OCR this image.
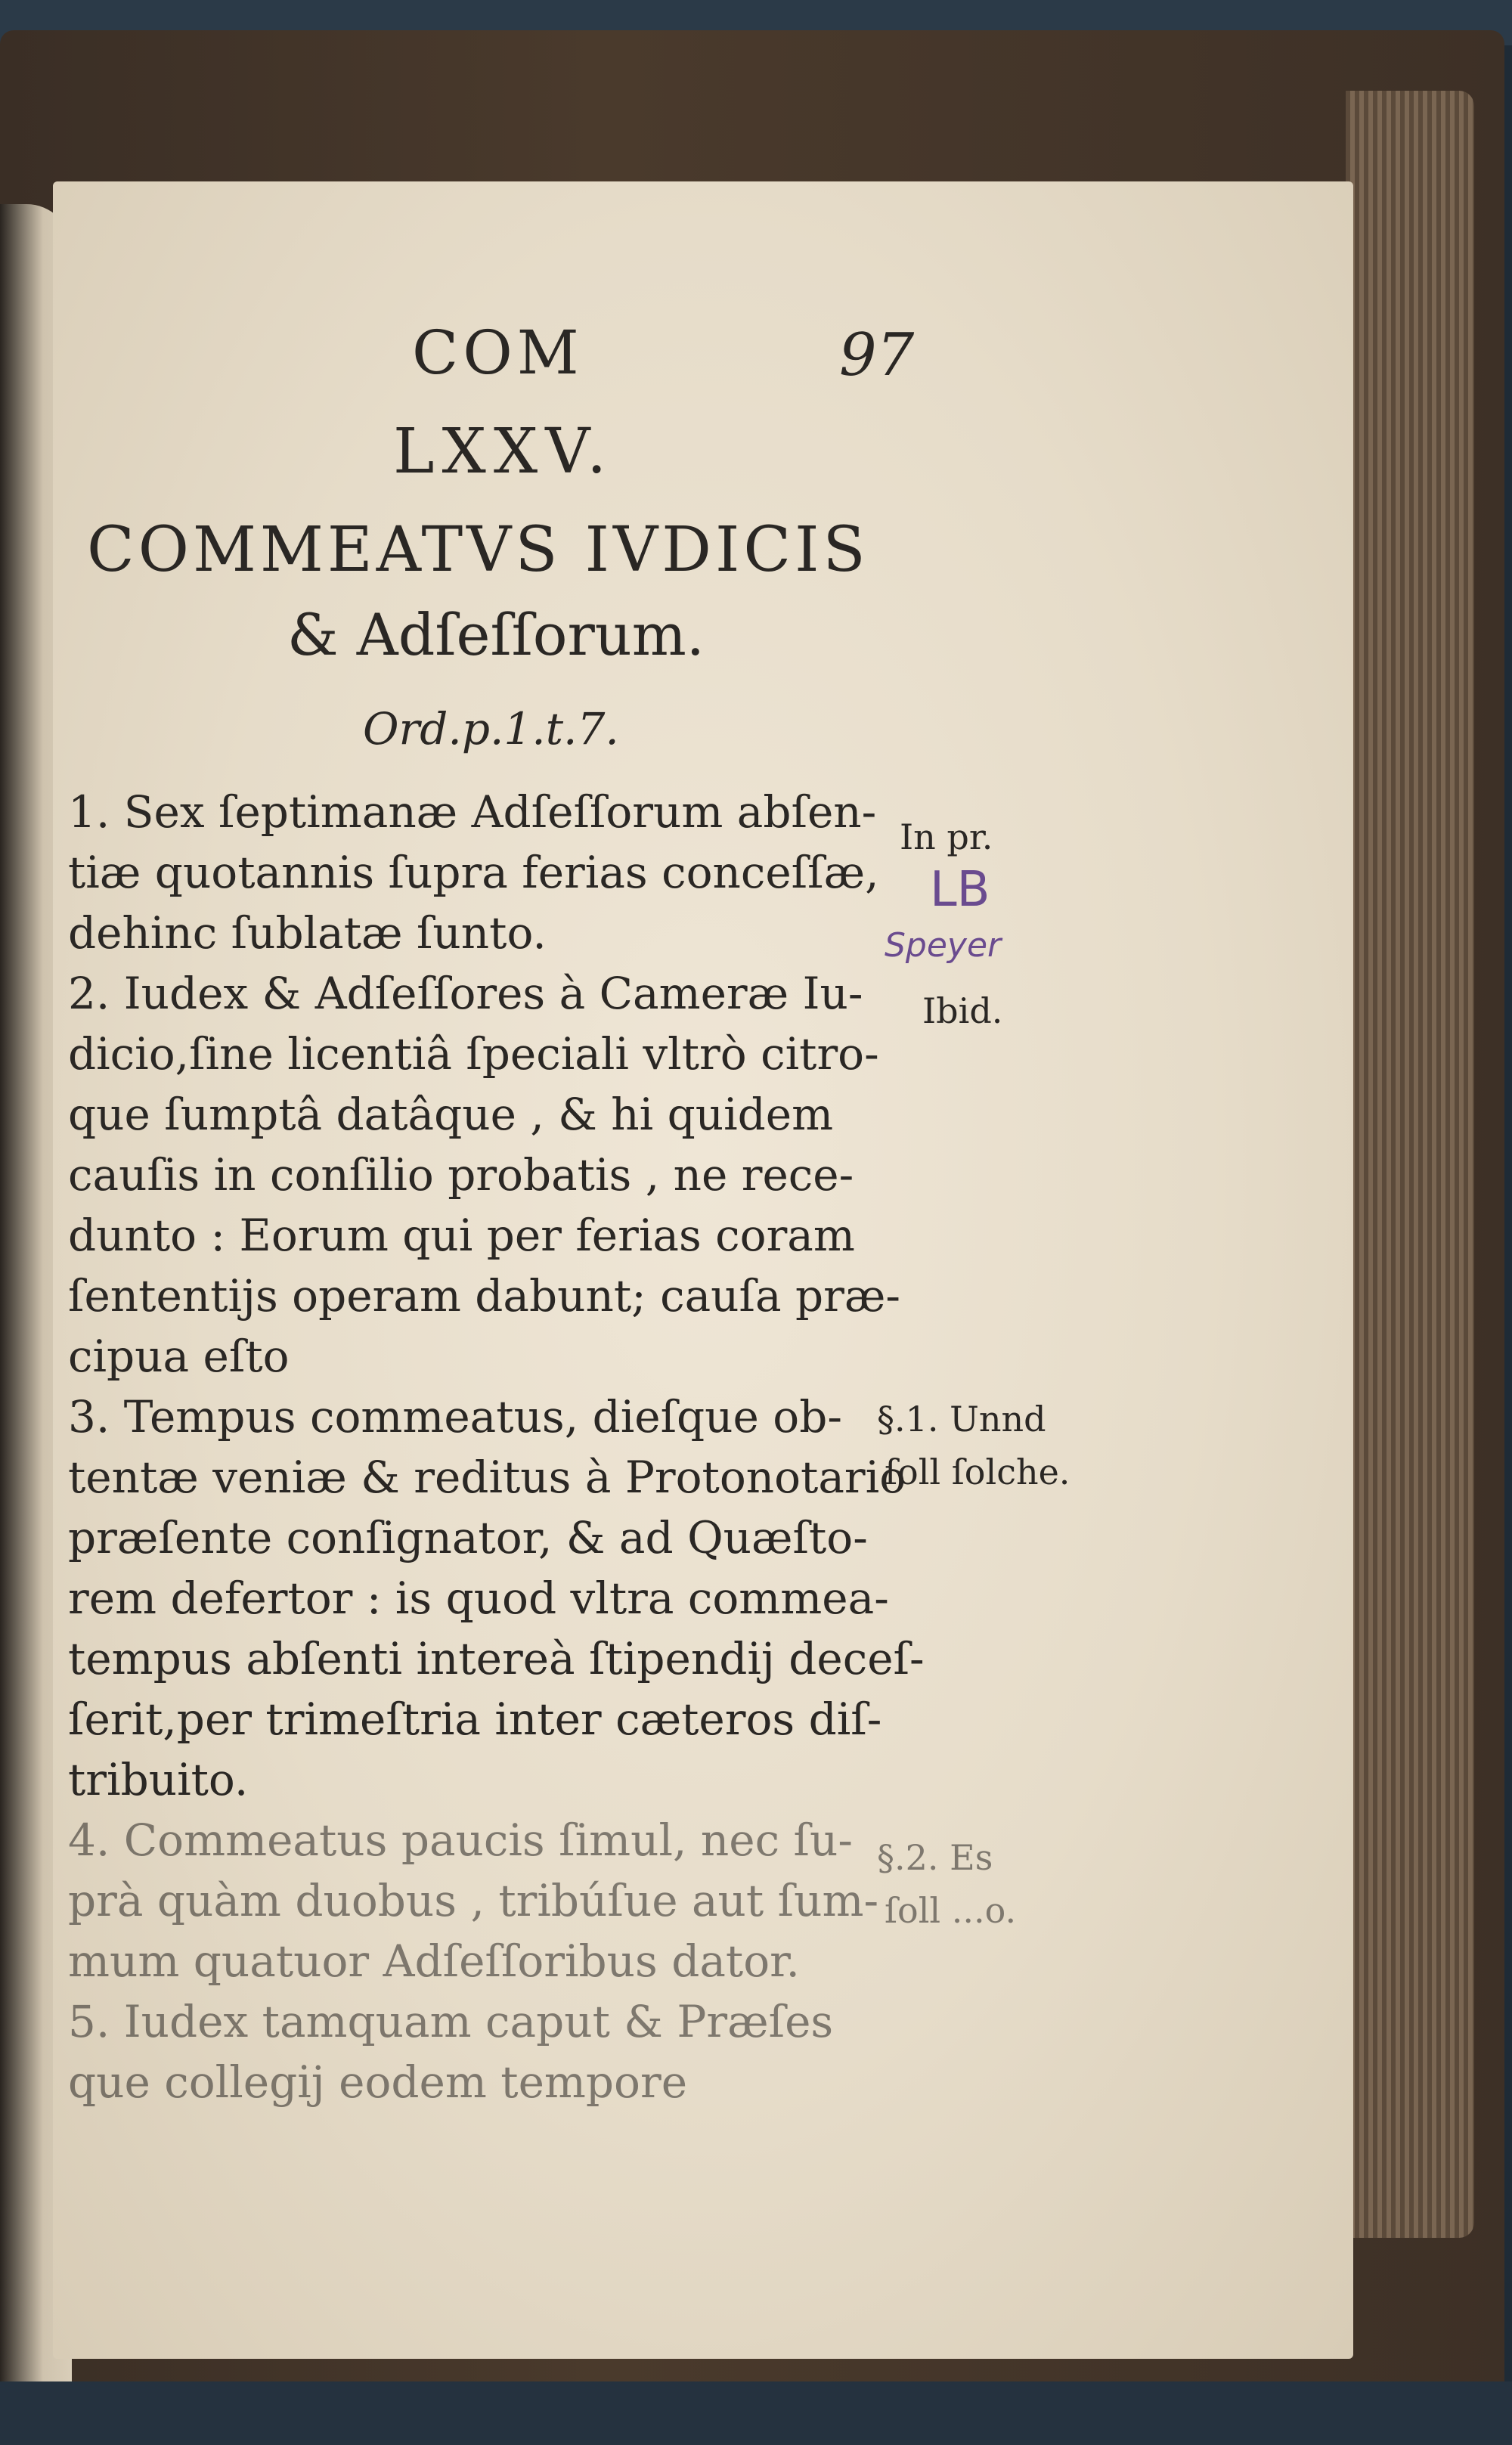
COM	97
LXXV.
COMMEATVS IVDICIS
& Adſeſſorum.
Ord.p.1.t.7.
1. Sex ſeptimanæ Adſeſſorum abſen-
tiæ quotannis ſupra ferias conceſſæ,
dehinc ſublatæ ſunto.
2. Iudex & Adſeſſores à Cameræ Iu-
dicio,ſine licentiâ ſpeciali vltrò citro-
que ſumptâ datâque , & hi quidem
cauſis in conſilio probatis , ne rece-
dunto : Eorum qui per ferias coram
ſententijs operam dabunt; cauſa præ-
cipua eſto
3. Tempus commeatus, dieſque ob-
tentæ veniæ & reditus à Protonotario
præſente conſignator, & ad Quæſto-
rem defertor : is quod vltra commea-
tempus abſenti intereà ſtipendij deceſ-
ſerit,per trimeſtria inter cæteros diſ-
tribuito.
4. Commeatus paucis ſimul, nec ſu-
prà quàm duobus , tribúſue aut ſum-
mum quatuor Adſeſſoribus dator.
5. Iudex tamquam caput & Præſes
que collegij eodem tempore
In pr.
LB
Speyer
Ibid.
§.1. Unnd
ſoll ſolche.
§.2. Es
ſoll ...o.
